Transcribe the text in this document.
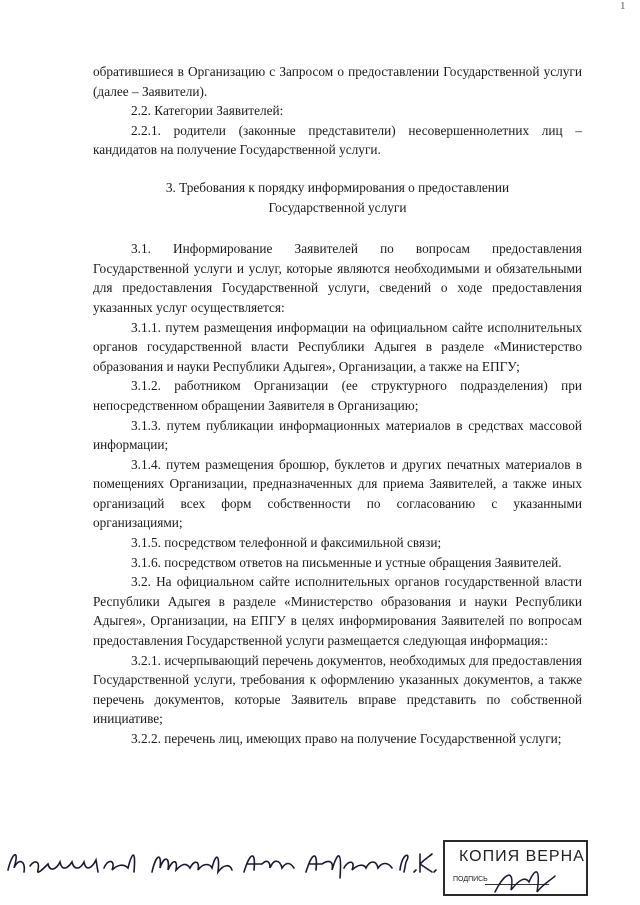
1

обратившиеся в Организацию с Запросом о предоставлении Государственной услуги (далее – Заявители).

2.2. Категории Заявителей:

2.2.1. родители (законные представители) несовершеннолетних лиц – кандидатов на получение Государственной услуги.

3. Требования к порядку информирования о предоставлении
Государственной услуги

3.1. Информирование Заявителей по вопросам предоставления Государственной услуги и услуг, которые являются необходимыми и обязательными для предоставления Государственной услуги, сведений о ходе предоставления указанных услуг осуществляется:

3.1.1. путем размещения информации на официальном сайте исполнительных органов государственной власти Республики Адыгея в разделе «Министерство образования и науки Республики Адыгея», Организации, а также на ЕПГУ;

3.1.2. работником Организации (ее структурного подразделения) при непосредственном обращении Заявителя в Организацию;

3.1.3. путем публикации информационных материалов в средствах массовой информации;

3.1.4. путем размещения брошюр, буклетов и других печатных материалов в помещениях Организации, предназначенных для приема Заявителей, а также иных организаций всех форм собственности по согласованию с указанными организациями;

3.1.5. посредством телефонной и факсимильной связи;

3.1.6. посредством ответов на письменные и устные обращения Заявителей.

3.2. На официальном сайте исполнительных органов государственной власти Республики Адыгея в разделе «Министерство образования и науки Республики Адыгея», Организации, на ЕПГУ в целях информирования Заявителей по вопросам предоставления Государственной услуги размещается следующая информация::

3.2.1. исчерпывающий перечень документов, необходимых для предоставления Государственной услуги, требования к оформлению указанных документов, а также перечень документов, которые Заявитель вправе представить по собственной инициативе;

3.2.2. перечень лиц, имеющих право на получение Государственной услуги;

КОПИЯ ВЕРНА
ПОДПИСЬ
